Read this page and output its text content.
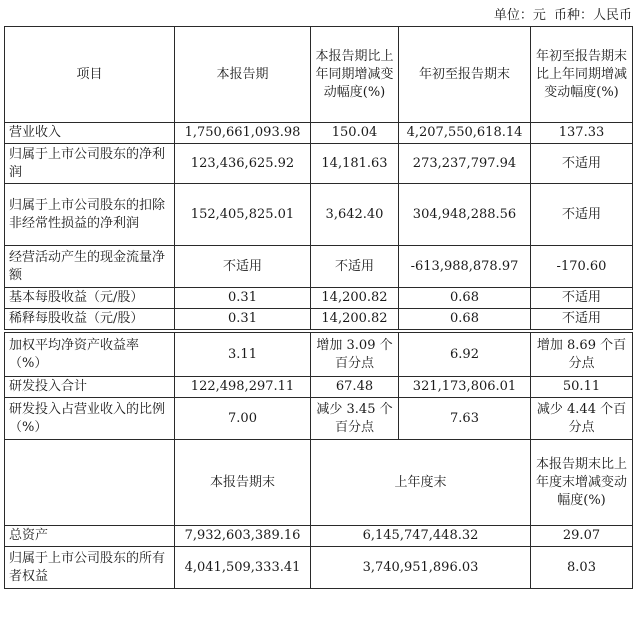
单位：元 币种：人民币
项目	本报告期	本报告期比上年同期增减变动幅度(%)	年初至报告期末	年初至报告期末比上年同期增减变动幅度(%)
营业收入	1,750,661,093.98	150.04	4,207,550,618.14	137.33
归属于上市公司股东的净利润	123,436,625.92	14,181.63	273,237,797.94	不适用
归属于上市公司股东的扣除非经常性损益的净利润	152,405,825.01	3,642.40	304,948,288.56	不适用
经营活动产生的现金流量净额	不适用	不适用	-613,988,878.97	-170.60
基本每股收益（元/股）	0.31	14,200.82	0.68	不适用
稀释每股收益（元/股）	0.31	14,200.82	0.68	不适用

加权平均净资产收益率（%）	3.11	增加 3.09 个百分点	6.92	增加 8.69 个百分点
研发投入合计	122,498,297.11	67.48	321,173,806.01	50.11
研发投入占营业收入的比例（%）	7.00	减少 3.45 个百分点	7.63	减少 4.44 个百分点
	本报告期末	上年度末		本报告期末比上年度末增减变动幅度(%)
总资产	7,932,603,389.16	6,145,747,448.32		29.07
归属于上市公司股东的所有者权益	4,041,509,333.41	3,740,951,896.03		8.03
